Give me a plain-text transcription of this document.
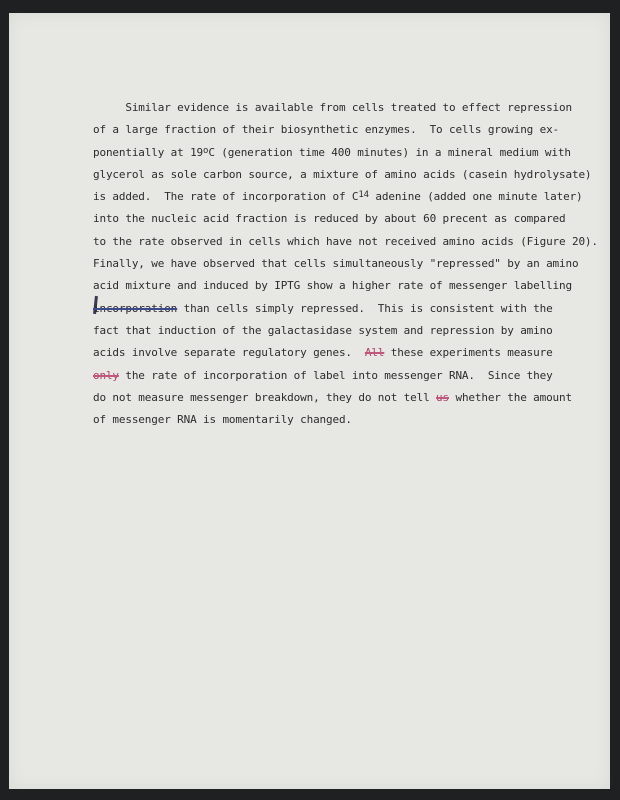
Similar evidence is available from cells treated to effect repression
of a large fraction of their biosynthetic enzymes.  To cells growing ex-
ponentially at 19$^o$C (generation time 400 minutes) in a mineral medium with
glycerol as sole carbon source, a mixture of amino acids (casein hydrolysate)
is added.  The rate of incorporation of $C^{14}$ adenine (added one minute later)
into the nucleic acid fraction is reduced by about 60 precent as compared
to the rate observed in cells which have not received amino acids (Figure 20).
Finally, we have observed that cells simultaneously "repressed" by an amino
acid mixture and induced by IPTG show a higher rate of messenger labelling
incorporation than cells simply repressed.  This is consistent with the
fact that induction of the galactasidase system and repression by amino
acids involve separate regulatory genes.  All these experiments measure
only the rate of incorporation of label into messenger RNA.  Since they
do not measure messenger breakdown, they do not tell us whether the amount
of messenger RNA is momentarily changed.
